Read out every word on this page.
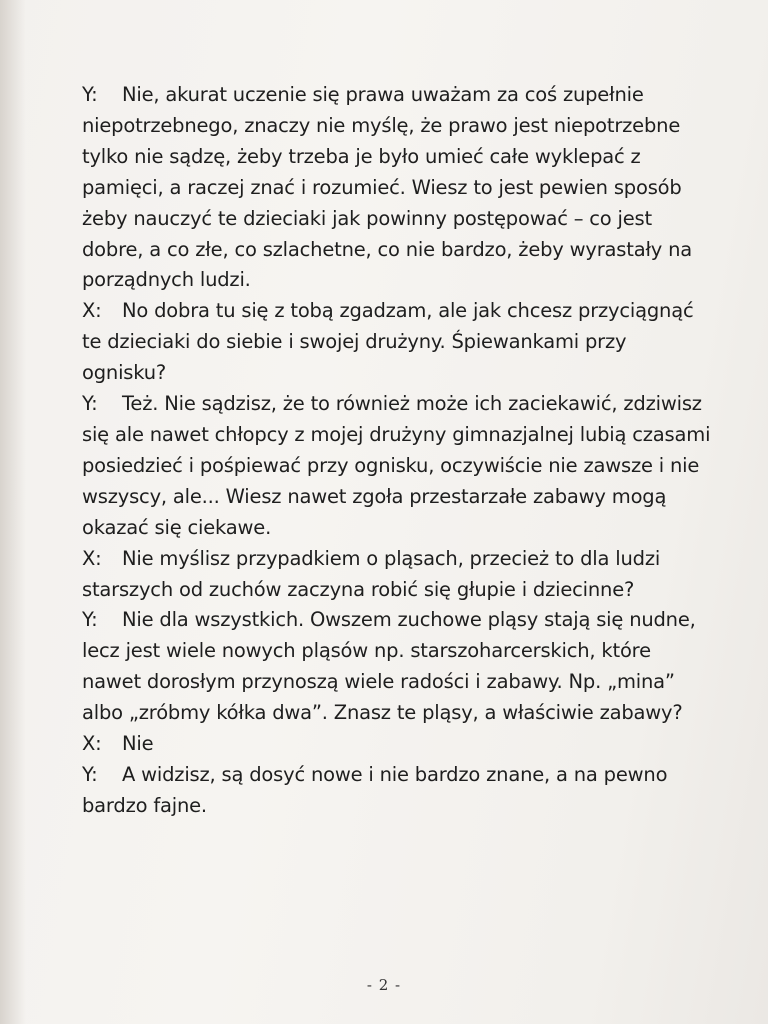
Y: Nie, akurat uczenie się prawa uważam za coś zupełnie niepotrzebnego, znaczy nie myślę, że prawo jest niepotrzebne tylko nie sądzę, żeby trzeba je było umieć całe wyklepać z pamięci, a raczej znać i rozumieć. Wiesz to jest pewien sposób żeby nauczyć te dzieciaki jak powinny postępować – co jest dobre, a co złe, co szlachetne, co nie bardzo, żeby wyrastały na porządnych ludzi.

X: No dobra tu się z tobą zgadzam, ale jak chcesz przyciągnąć te dzieciaki do siebie i swojej drużyny. Śpiewankami przy ognisku?

Y: Też. Nie sądzisz, że to również może ich zaciekawić, zdziwisz się ale nawet chłopcy z mojej drużyny gimnazjalnej lubią czasami posiedzieć i pośpiewać przy ognisku, oczywiście nie zawsze i nie wszyscy, ale... Wiesz nawet zgoła przestarzałe zabawy mogą okazać się ciekawe.

X: Nie myślisz przypadkiem o pląsach, przecież to dla ludzi starszych od zuchów zaczyna robić się głupie i dziecinne?

Y: Nie dla wszystkich. Owszem zuchowe pląsy stają się nudne, lecz jest wiele nowych pląsów np. starszoharcerskich, które nawet dorosłym przynoszą wiele radości i zabawy. Np. „mina” albo „zróbmy kółka dwa”. Znasz te pląsy, a właściwie zabawy?

X: Nie

Y: A widzisz, są dosyć nowe i nie bardzo znane, a na pewno bardzo fajne.

- 2 -
